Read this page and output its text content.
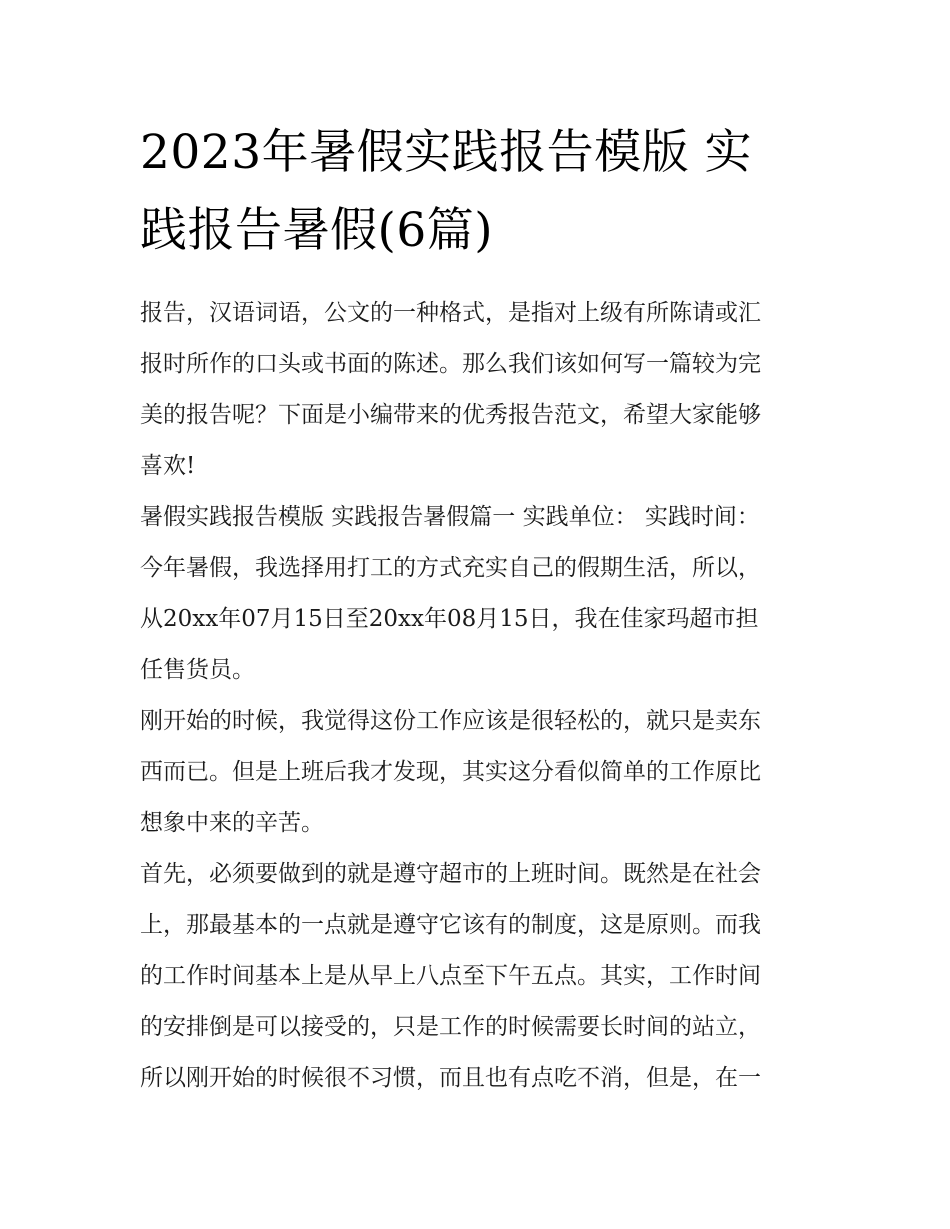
2023年暑假实践报告模版 实
践报告暑假(6篇)

报告，汉语词语，公文的一种格式，是指对上级有所陈请或汇
报时所作的口头或书面的陈述。那么我们该如何写一篇较为完
美的报告呢？下面是小编带来的优秀报告范文，希望大家能够
喜欢!

暑假实践报告模版 实践报告暑假篇一 实践单位： 实践时间：
今年暑假，我选择用打工的方式充实自己的假期生活，所以，
从20xx年07月15日至20xx年08月15日，我在佳家玛超市担
任售货员。

刚开始的时候，我觉得这份工作应该是很轻松的，就只是卖东
西而已。但是上班后我才发现，其实这分看似简单的工作原比
想象中来的辛苦。

首先，必须要做到的就是遵守超市的上班时间。既然是在社会
上，那最基本的一点就是遵守它该有的制度，这是原则。而我
的工作时间基本上是从早上八点至下午五点。其实，工作时间
的安排倒是可以接受的，只是工作的时候需要长时间的站立，
所以刚开始的时候很不习惯，而且也有点吃不消，但是，在一
